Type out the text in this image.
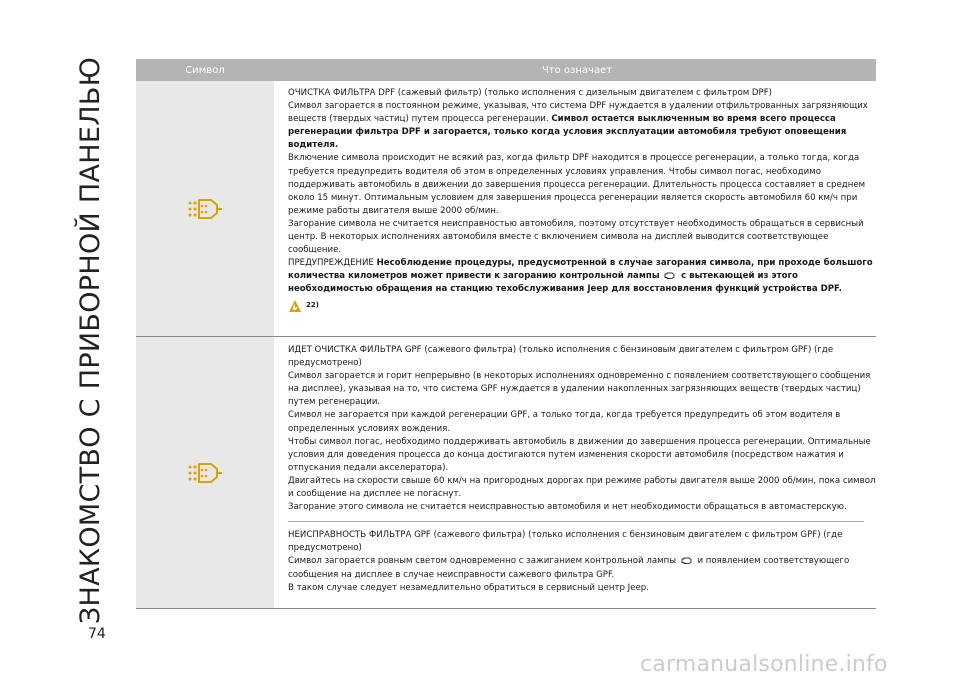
ЗНАКОМСТВО С ПРИБОРНОЙ ПАНЕЛЬЮ	Символ	Что означает

ОЧИСТКА ФИЛЬТРА DPF (сажевый фильтр) (только исполнения с дизельным двигателем с фильтром DPF)

Символ загорается в постоянном режиме, указывая, что система DPF нуждается в удалении отфильтрованных загрязняющих веществ (твердых частиц) путем процесса регенерации. Символ остается выключенным во время всего процесса регенерации фильтра DPF и загорается, только когда условия эксплуатации автомобиля требуют оповещения водителя.

Включение символа происходит не всякий раз, когда фильтр DPF находится в процессе регенерации, а только тогда, когда требуется предупредить водителя об этом в определенных условиях управления. Чтобы символ погас, необходимо поддерживать автомобиль в движении до завершения процесса регенерации. Длительность процесса составляет в среднем около 15 минут. Оптимальным условием для завершения процесса регенерации является скорость автомобиля 60 км/ч при режиме работы двигателя выше 2000 об/мин.

Загорание символа не считается неисправностью автомобиля, поэтому отсутствует необходимость обращаться в сервисный центр. В некоторых исполнениях автомобиля вместе с включением символа на дисплей выводится соответствующее сообщение.

ПРЕДУПРЕЖДЕНИЕ Несоблюдение процедуры, предусмотренной в случае загорания символа, при проходе большого количества километров может привести к загоранию контрольной лампы с вытекающей из этого необходимостью обращения на станцию техобслуживания Jeep для восстановления функций устройства DPF.

22)

ИДЕТ ОЧИСТКА ФИЛЬТРА GPF (сажевого фильтра) (только исполнения с бензиновым двигателем с фильтром GPF) (где предусмотрено)

Символ загорается и горит непрерывно (в некоторых исполнениях одновременно с появлением соответствующего сообщения на дисплее), указывая на то, что система GPF нуждается в удалении накопленных загрязняющих веществ (твердых частиц) путем регенерации.

Символ не загорается при каждой регенерации GPF, а только тогда, когда требуется предупредить об этом водителя в определенных условиях вождения.

Чтобы символ погас, необходимо поддерживать автомобиль в движении до завершения процесса регенерации. Оптимальные условия для доведения процесса до конца достигаются путем изменения скорости автомобиля (посредством нажатия и отпускания педали акселератора).

Двигайтесь на скорости свыше 60 км/ч на пригородных дорогах при режиме работы двигателя выше 2000 об/мин, пока символ и сообщение на дисплее не погаснут.

Загорание этого символа не считается неисправностью автомобиля и нет необходимости обращаться в автомастерскую.

НЕИСПРАВНОСТЬ ФИЛЬТРА GPF (сажевого фильтра) (только исполнения с бензиновым двигателем с фильтром GPF) (где предусмотрено)

Символ загорается ровным светом одновременно с зажиганием контрольной лампы и появлением соответствующего сообщения на дисплее в случае неисправности сажевого фильтра GPF.

В таком случае следует незамедлительно обратиться в сервисный центр Jeep.

74
carmanualsonline.info
